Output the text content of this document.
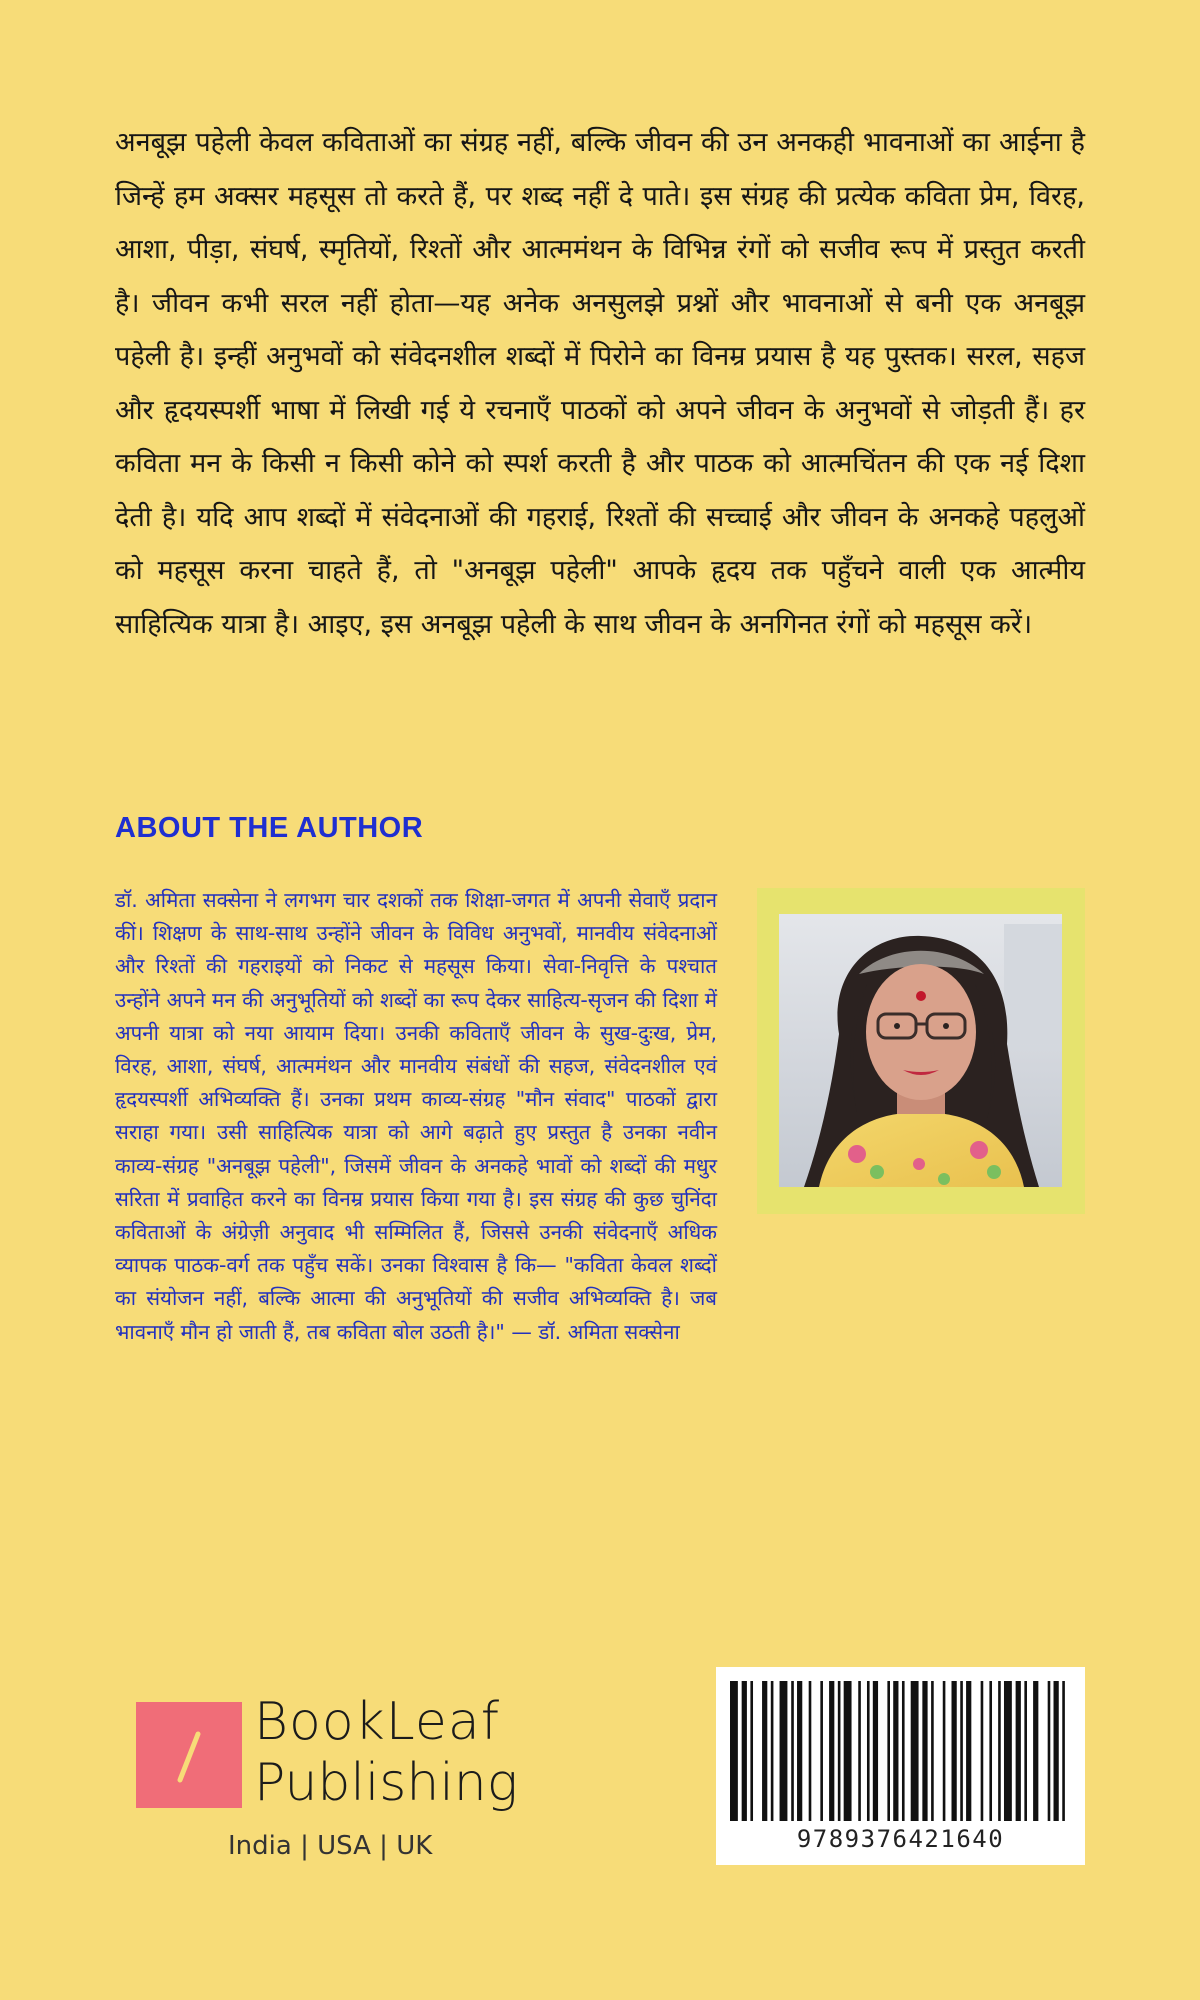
अनबूझ पहेली केवल कविताओं का संग्रह नहीं, बल्कि जीवन की उन अनकही भावनाओं का आईना है जिन्हें हम अक्सर महसूस तो करते हैं, पर शब्द नहीं दे पाते। इस संग्रह की प्रत्येक कविता प्रेम, विरह, आशा, पीड़ा, संघर्ष, स्मृतियों, रिश्तों और आत्ममंथन के विभिन्न रंगों को सजीव रूप में प्रस्तुत करती है। जीवन कभी सरल नहीं होता—यह अनेक अनसुलझे प्रश्नों और भावनाओं से बनी एक अनबूझ पहेली है। इन्हीं अनुभवों को संवेदनशील शब्दों में पिरोने का विनम्र प्रयास है यह पुस्तक। सरल, सहज और हृदयस्पर्शी भाषा में लिखी गई ये रचनाएँ पाठकों को अपने जीवन के अनुभवों से जोड़ती हैं। हर कविता मन के किसी न किसी कोने को स्पर्श करती है और पाठक को आत्मचिंतन की एक नई दिशा देती है। यदि आप शब्दों में संवेदनाओं की गहराई, रिश्तों की सच्चाई और जीवन के अनकहे पहलुओं को महसूस करना चाहते हैं, तो "अनबूझ पहेली" आपके हृदय तक पहुँचने वाली एक आत्मीय साहित्यिक यात्रा है। आइए, इस अनबूझ पहेली के साथ जीवन के अनगिनत रंगों को महसूस करें।

ABOUT THE AUTHOR

डॉ. अमिता सक्सेना ने लगभग चार दशकों तक शिक्षा-जगत में अपनी सेवाएँ प्रदान कीं। शिक्षण के साथ-साथ उन्होंने जीवन के विविध अनुभवों, मानवीय संवेदनाओं और रिश्तों की गहराइयों को निकट से महसूस किया। सेवा-निवृत्ति के पश्चात उन्होंने अपने मन की अनुभूतियों को शब्दों का रूप देकर साहित्य-सृजन की दिशा में अपनी यात्रा को नया आयाम दिया। उनकी कविताएँ जीवन के सुख-दुःख, प्रेम, विरह, आशा, संघर्ष, आत्ममंथन और मानवीय संबंधों की सहज, संवेदनशील एवं हृदयस्पर्शी अभिव्यक्ति हैं। उनका प्रथम काव्य-संग्रह "मौन संवाद" पाठकों द्वारा सराहा गया। उसी साहित्यिक यात्रा को आगे बढ़ाते हुए प्रस्तुत है उनका नवीन काव्य-संग्रह "अनबूझ पहेली", जिसमें जीवन के अनकहे भावों को शब्दों की मधुर सरिता में प्रवाहित करने का विनम्र प्रयास किया गया है। इस संग्रह की कुछ चुनिंदा कविताओं के अंग्रेज़ी अनुवाद भी सम्मिलित हैं, जिससे उनकी संवेदनाएँ अधिक व्यापक पाठक-वर्ग तक पहुँच सकें। उनका विश्वास है कि— "कविता केवल शब्दों का संयोजन नहीं, बल्कि आत्मा की अनुभूतियों की सजीव अभिव्यक्ति है। जब भावनाएँ मौन हो जाती हैं, तब कविता बोल उठती है।" — डॉ. अमिता सक्सेना

BookLeaf

Publishing

India | USA | UK	9789376421640
